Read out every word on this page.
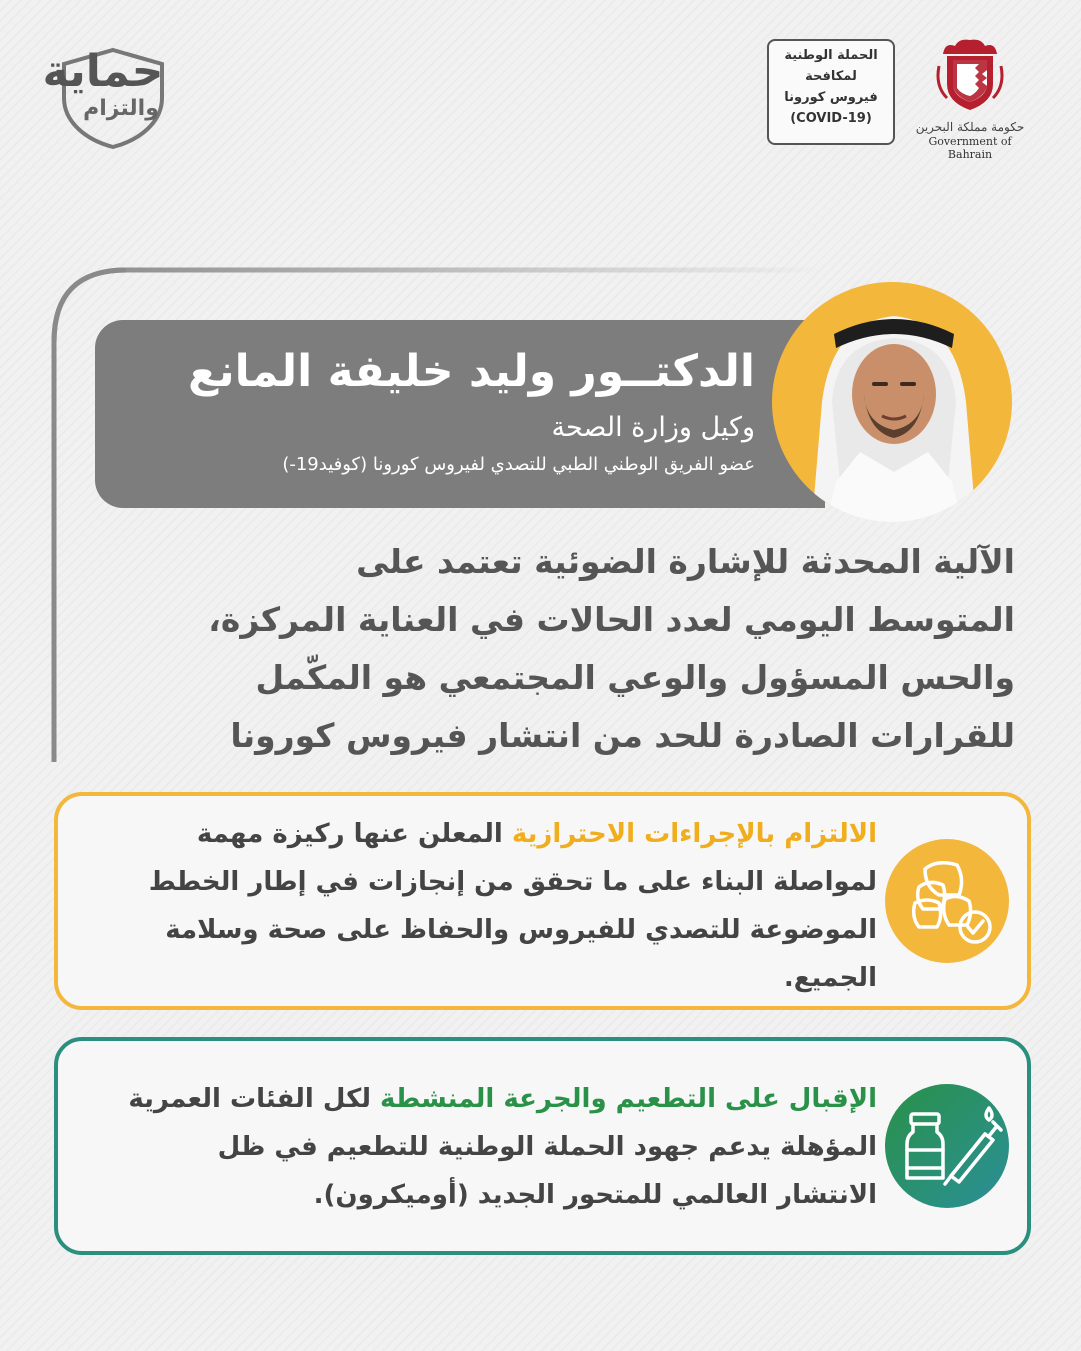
حماية
والتزام
الحملة الوطنية
لمكافحة
فيروس كورونا
(COVID-19)
حكومة مملكة البحرين
Government of Bahrain
الدكتــور وليد خليفة المانع
وكيل وزارة الصحة
عضو الفريق الوطني الطبي للتصدي لفيروس كورونا (كوفيد19-)
الآلية المحدثة للإشارة الضوئية تعتمد على
المتوسط اليومي لعدد الحالات في العناية المركزة،
والحس المسؤول والوعي المجتمعي هو المكّمل
للقرارات الصادرة للحد من انتشار فيروس كورونا
الالتزام بالإجراءات الاحترازية المعلن عنها ركيزة مهمة لمواصلة البناء على ما تحقق من إنجازات في إطار الخطط الموضوعة للتصدي للفيروس والحفاظ على صحة وسلامة الجميع.
الإقبال على التطعيم والجرعة المنشطة لكل الفئات العمرية المؤهلة يدعم جهود الحملة الوطنية للتطعيم في ظل الانتشار العالمي للمتحور الجديد (أوميكرون).
